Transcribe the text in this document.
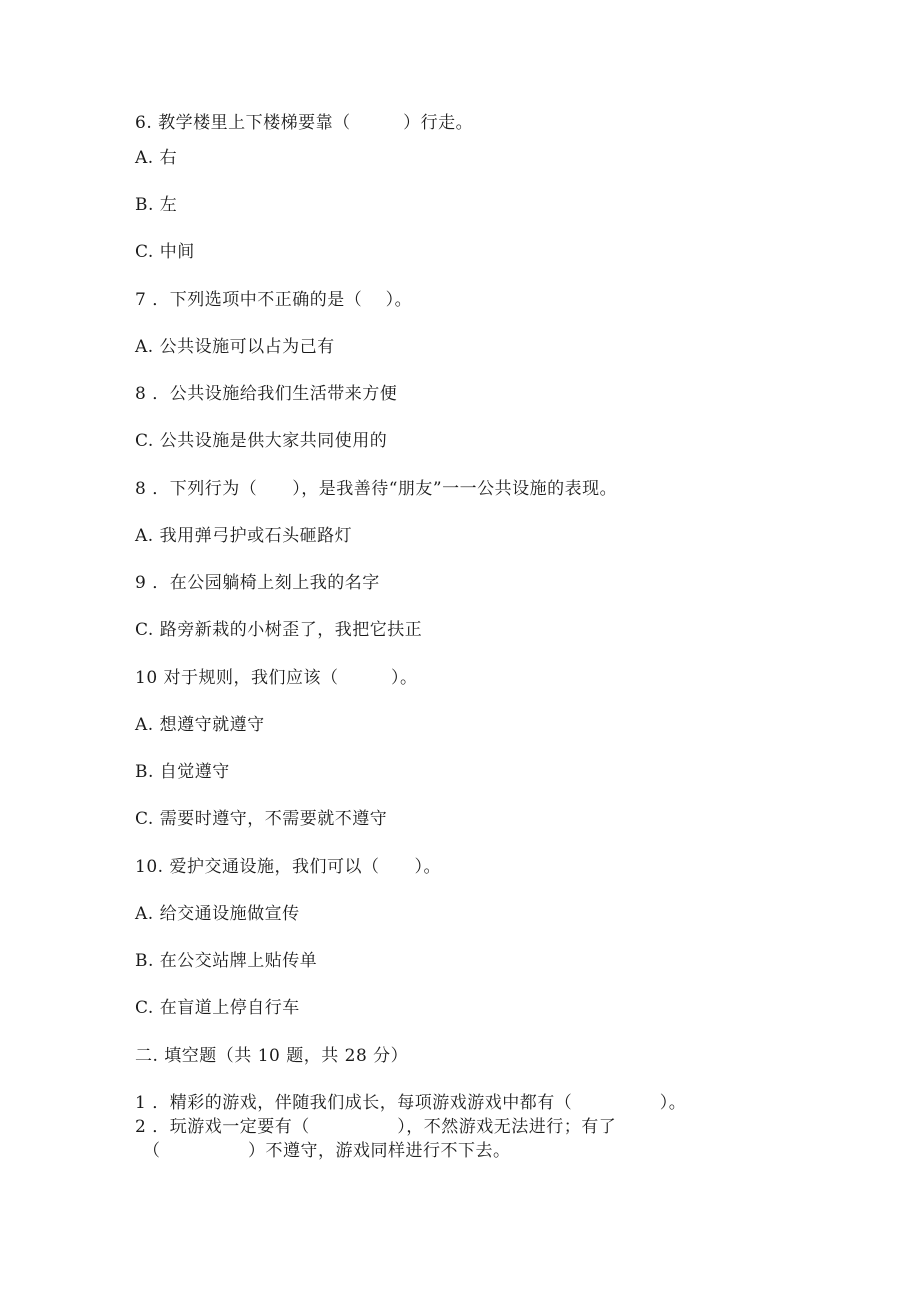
6. 教学楼里上下楼梯要靠（　　　）行走。
A. 右
B. 左
C. 中间
7 ．下列选项中不正确的是（　 ）。
A. 公共设施可以占为己有
8 ．公共设施给我们生活带来方便
C. 公共设施是供大家共同使用的
8 ．下列行为（　　），是我善待“朋友”一一公共设施的表现。
A. 我用弹弓护或石头砸路灯
9 ．在公园躺椅上刻上我的名字
C. 路旁新栽的小树歪了，我把它扶正
10 对于规则，我们应该（　　　）。
A. 想遵守就遵守
B. 自觉遵守
C. 需要时遵守，不需要就不遵守
10. 爱护交通设施，我们可以（　　）。
A. 给交通设施做宣传
B. 在公交站牌上贴传单
C. 在盲道上停自行车
二. 填空题（共 10 题，共 28 分）
1 ．精彩的游戏，伴随我们成长，每项游戏游戏中都有（　　　　　）。
2 ．玩游戏一定要有（　　　　　），不然游戏无法进行；有了
（　　　　　）不遵守，游戏同样进行不下去。
